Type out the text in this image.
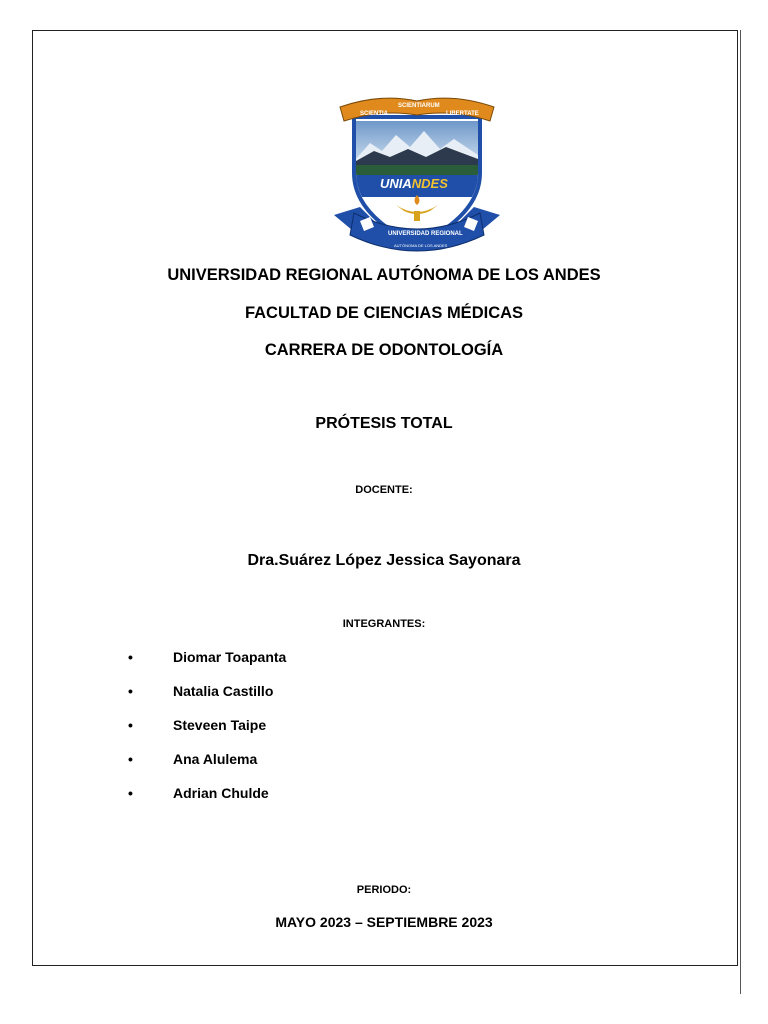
SCIENTIA
SCIENTIARUM
LIBERTATE
UNIANDES
UNIVERSIDAD REGIONAL
AUTÓNOMA DE LOS ANDES
UNIVERSIDAD REGIONAL AUTÓNOMA DE LOS ANDES
FACULTAD DE CIENCIAS MÉDICAS
CARRERA DE ODONTOLOGÍA
PRÓTESIS TOTAL
DOCENTE:
Dra.Suárez López Jessica Sayonara
INTEGRANTES:
•	Diomar Toapanta
•	Natalia Castillo
•	Steveen Taipe
•	Ana Alulema
•	Adrian Chulde
PERIODO:
MAYO 2023 – SEPTIEMBRE 2023
